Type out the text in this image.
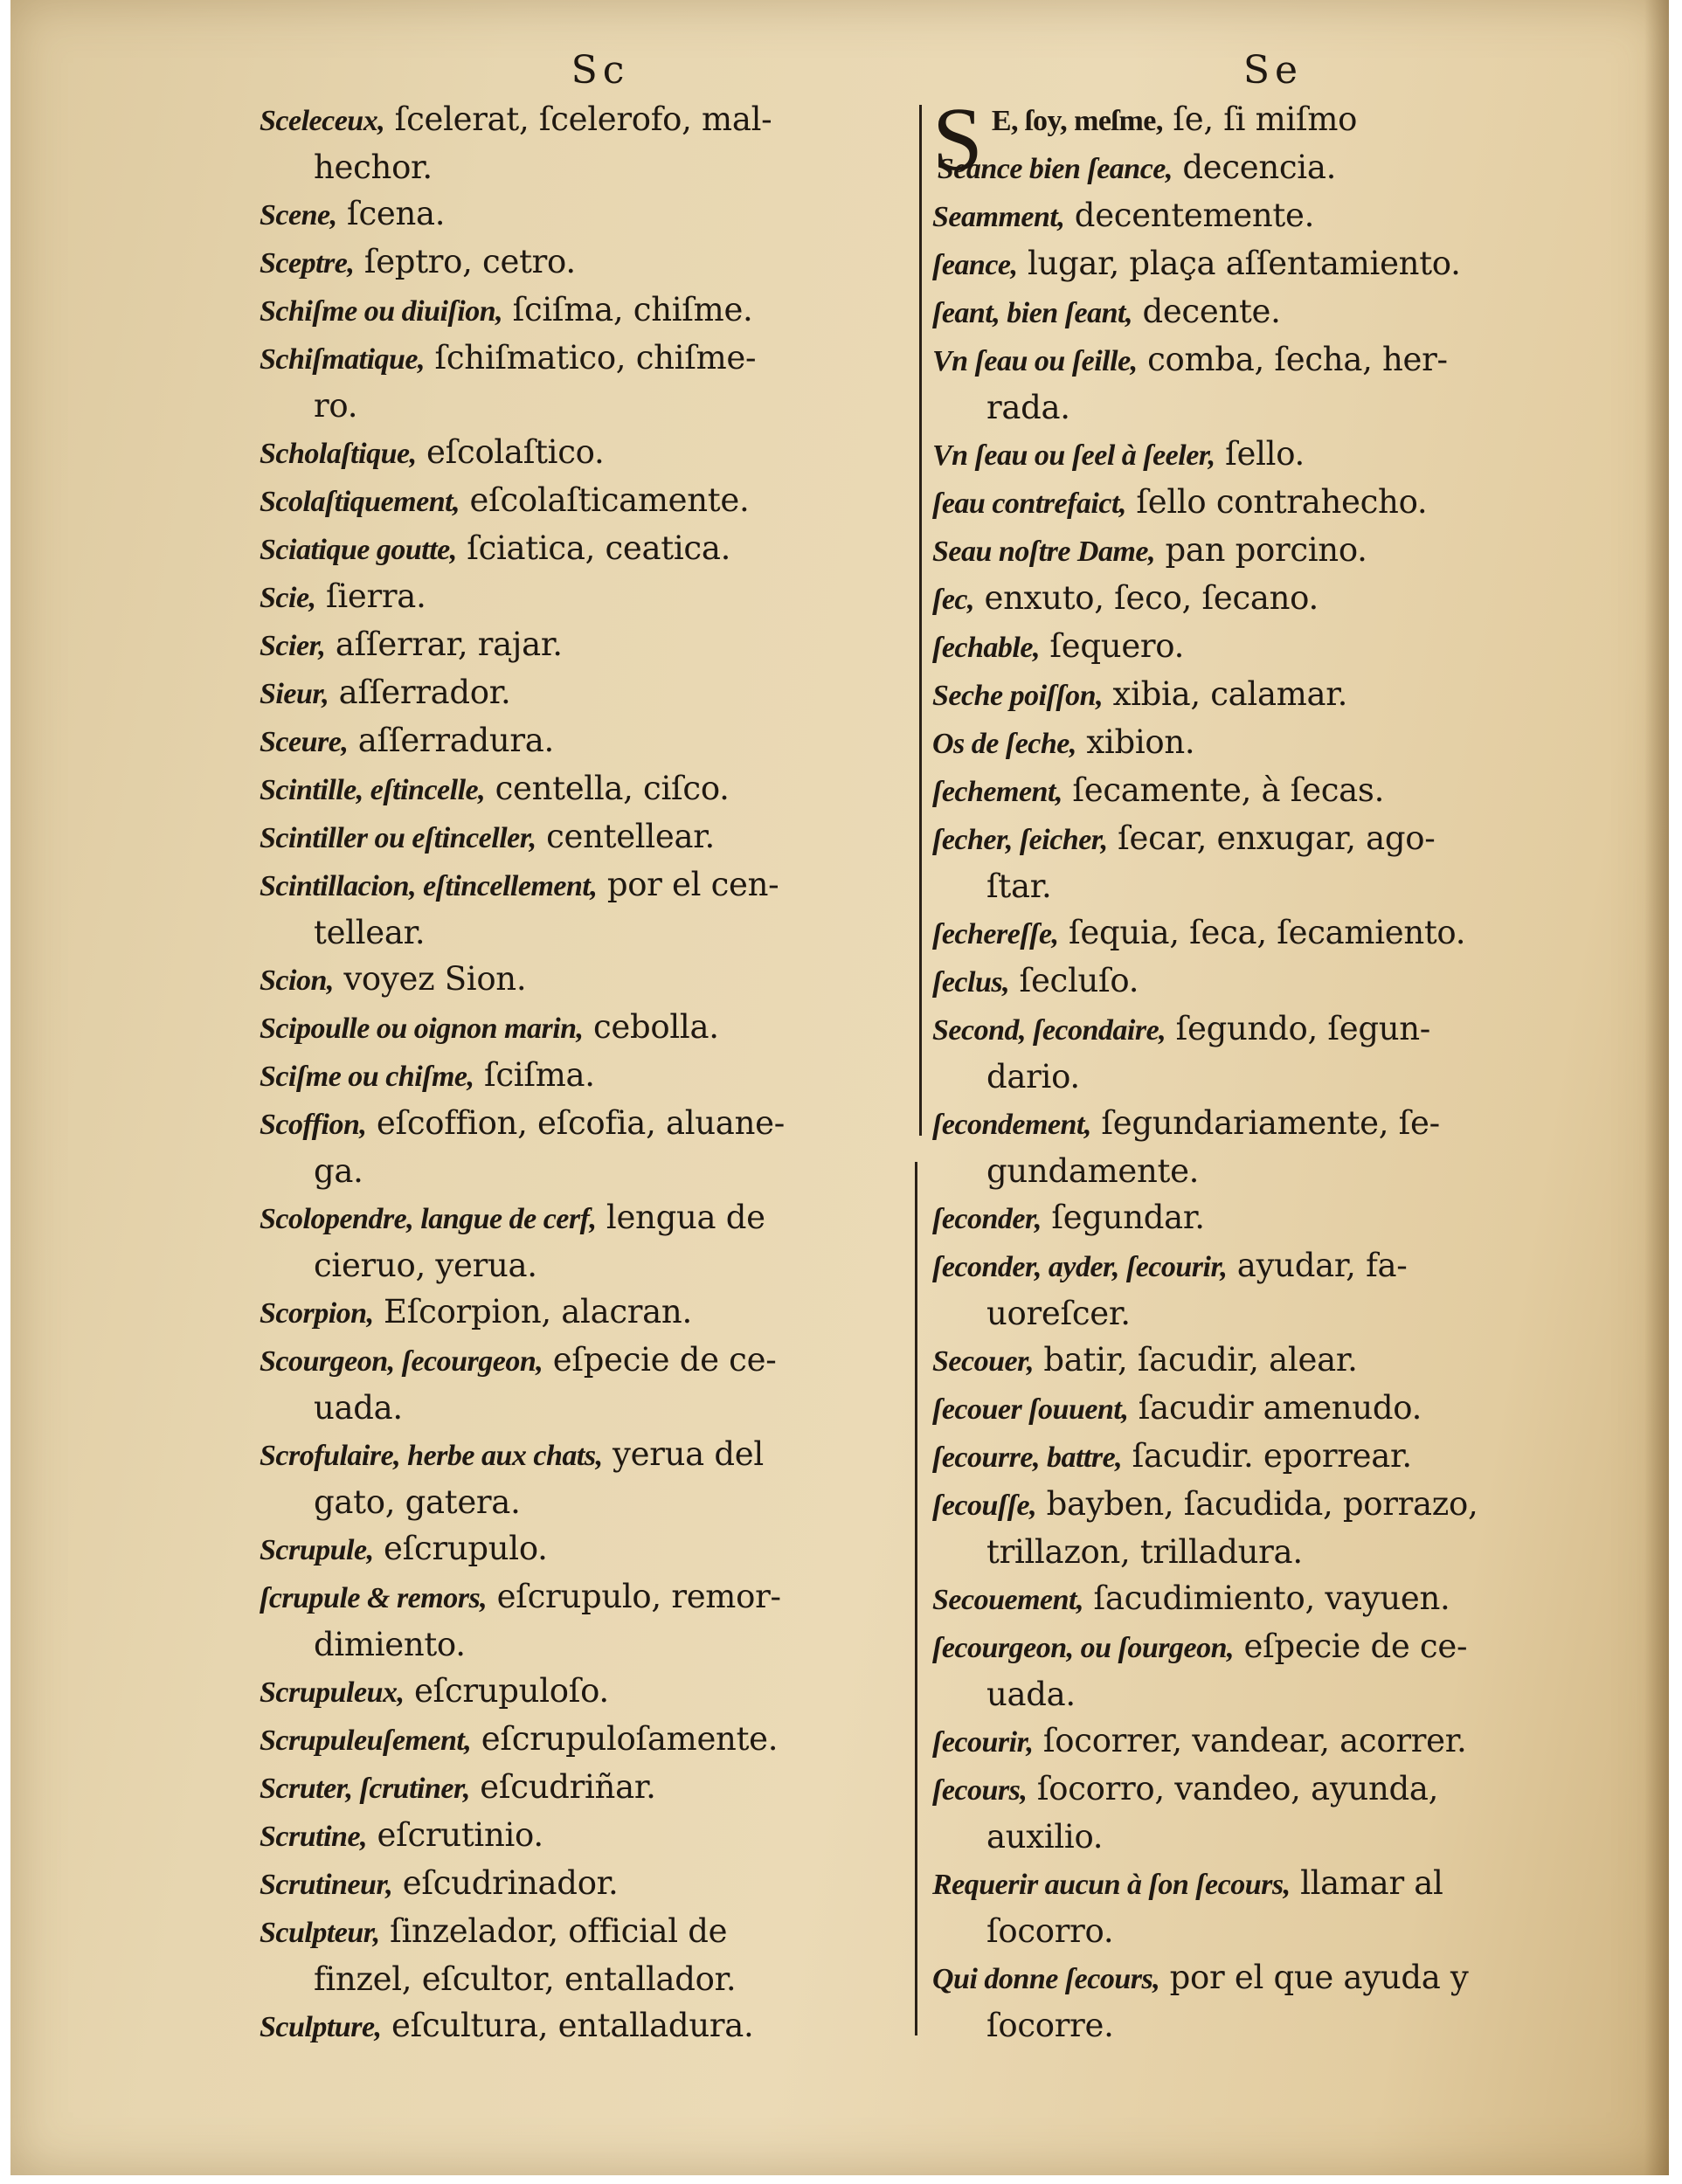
Sc
Sceleceux, ſcelerat, ſcelerofo, mal-
hechor.
Scene, ſcena.
Sceptre, ſeptro, cetro.
Schiſme ou diuiſion, ſciſma, chiſme.
Schiſmatique, ſchiſmatico, chiſme-
ro.
Scholaſtique, eſcolaſtico.
Scolaſtiquement, eſcolaſticamente.
Sciatique goutte, ſciatica, ceatica.
Scie, ſierra.
Scier, aſſerrar, rajar.
Sieur, aſſerrador.
Sceure, aſſerradura.
Scintille, eſtincelle, centella, ciſco.
Scintiller ou eſtinceller, centellear.
Scintillacion, eſtincellement, por el cen-
tellear.
Scion, voyez Sion.
Scipoulle ou oignon marin, cebolla.
Sciſme ou chiſme, ſciſma.
Scoffion, eſcoffion, eſcofia, aluane-
ga.
Scolopendre, langue de cerf, lengua de
cieruo, yerua.
Scorpion, Eſcorpion, alacran.
Scourgeon, ſecourgeon, eſpecie de ce-
uada.
Scrofulaire, herbe aux chats, yerua del
gato, gatera.
Scrupule, eſcrupulo.
ſcrupule & remors, eſcrupulo, remor-
dimiento.
Scrupuleux, eſcrupuloſo.
Scrupuleuſement, eſcrupuloſamente.
Scruter, ſcrutiner, eſcudriñar.
Scrutine, eſcrutinio.
Scrutineur, eſcudrinador.
Sculpteur, ſinzelador, official de
finzel, eſcultor, entallador.
Sculpture, eſcultura, entalladura.
Se
S E, ſoy, meſme, ſe, ſi miſmo
Seance bien ſeance, decencia.
Seamment, decentemente.
ſeance, lugar, plaça aſſentamiento.
ſeant, bien ſeant, decente.
Vn ſeau ou ſeille, comba, ſecha, her-
rada.
Vn ſeau ou ſeel à ſeeler, ſello.
ſeau contrefaict, ſello contrahecho.
Seau noſtre Dame, pan porcino.
ſec, enxuto, ſeco, ſecano.
ſechable, ſequero.
Seche poiſſon, xibia, calamar.
Os de ſeche, xibion.
ſechement, ſecamente, à ſecas.
ſecher, ſeicher, ſecar, enxugar, ago-
ſtar.
ſechereſſe, ſequia, ſeca, ſecamiento.
ſeclus, ſecluſo.
Second, ſecondaire, ſegundo, ſegun-
dario.
ſecondement, ſegundariamente, ſe-
gundamente.
ſeconder, ſegundar.
ſeconder, ayder, ſecourir, ayudar, fa-
uoreſcer.
Secouer, batir, ſacudir, alear.
ſecouer ſouuent, ſacudir amenudo.
ſecourre, battre, ſacudir. eporrear.
ſecouſſe, bayben, ſacudida, porrazo,
trillazon, trilladura.
Secouement, ſacudimiento, vayuen.
ſecourgeon, ou ſourgeon, eſpecie de ce-
uada.
ſecourir, ſocorrer, vandear, acorrer.
ſecours, ſocorro, vandeo, ayunda,
auxilio.
Requerir aucun à ſon ſecours, llamar al
ſocorro.
Qui donne ſecours, por el que ayuda y
ſocorre.
